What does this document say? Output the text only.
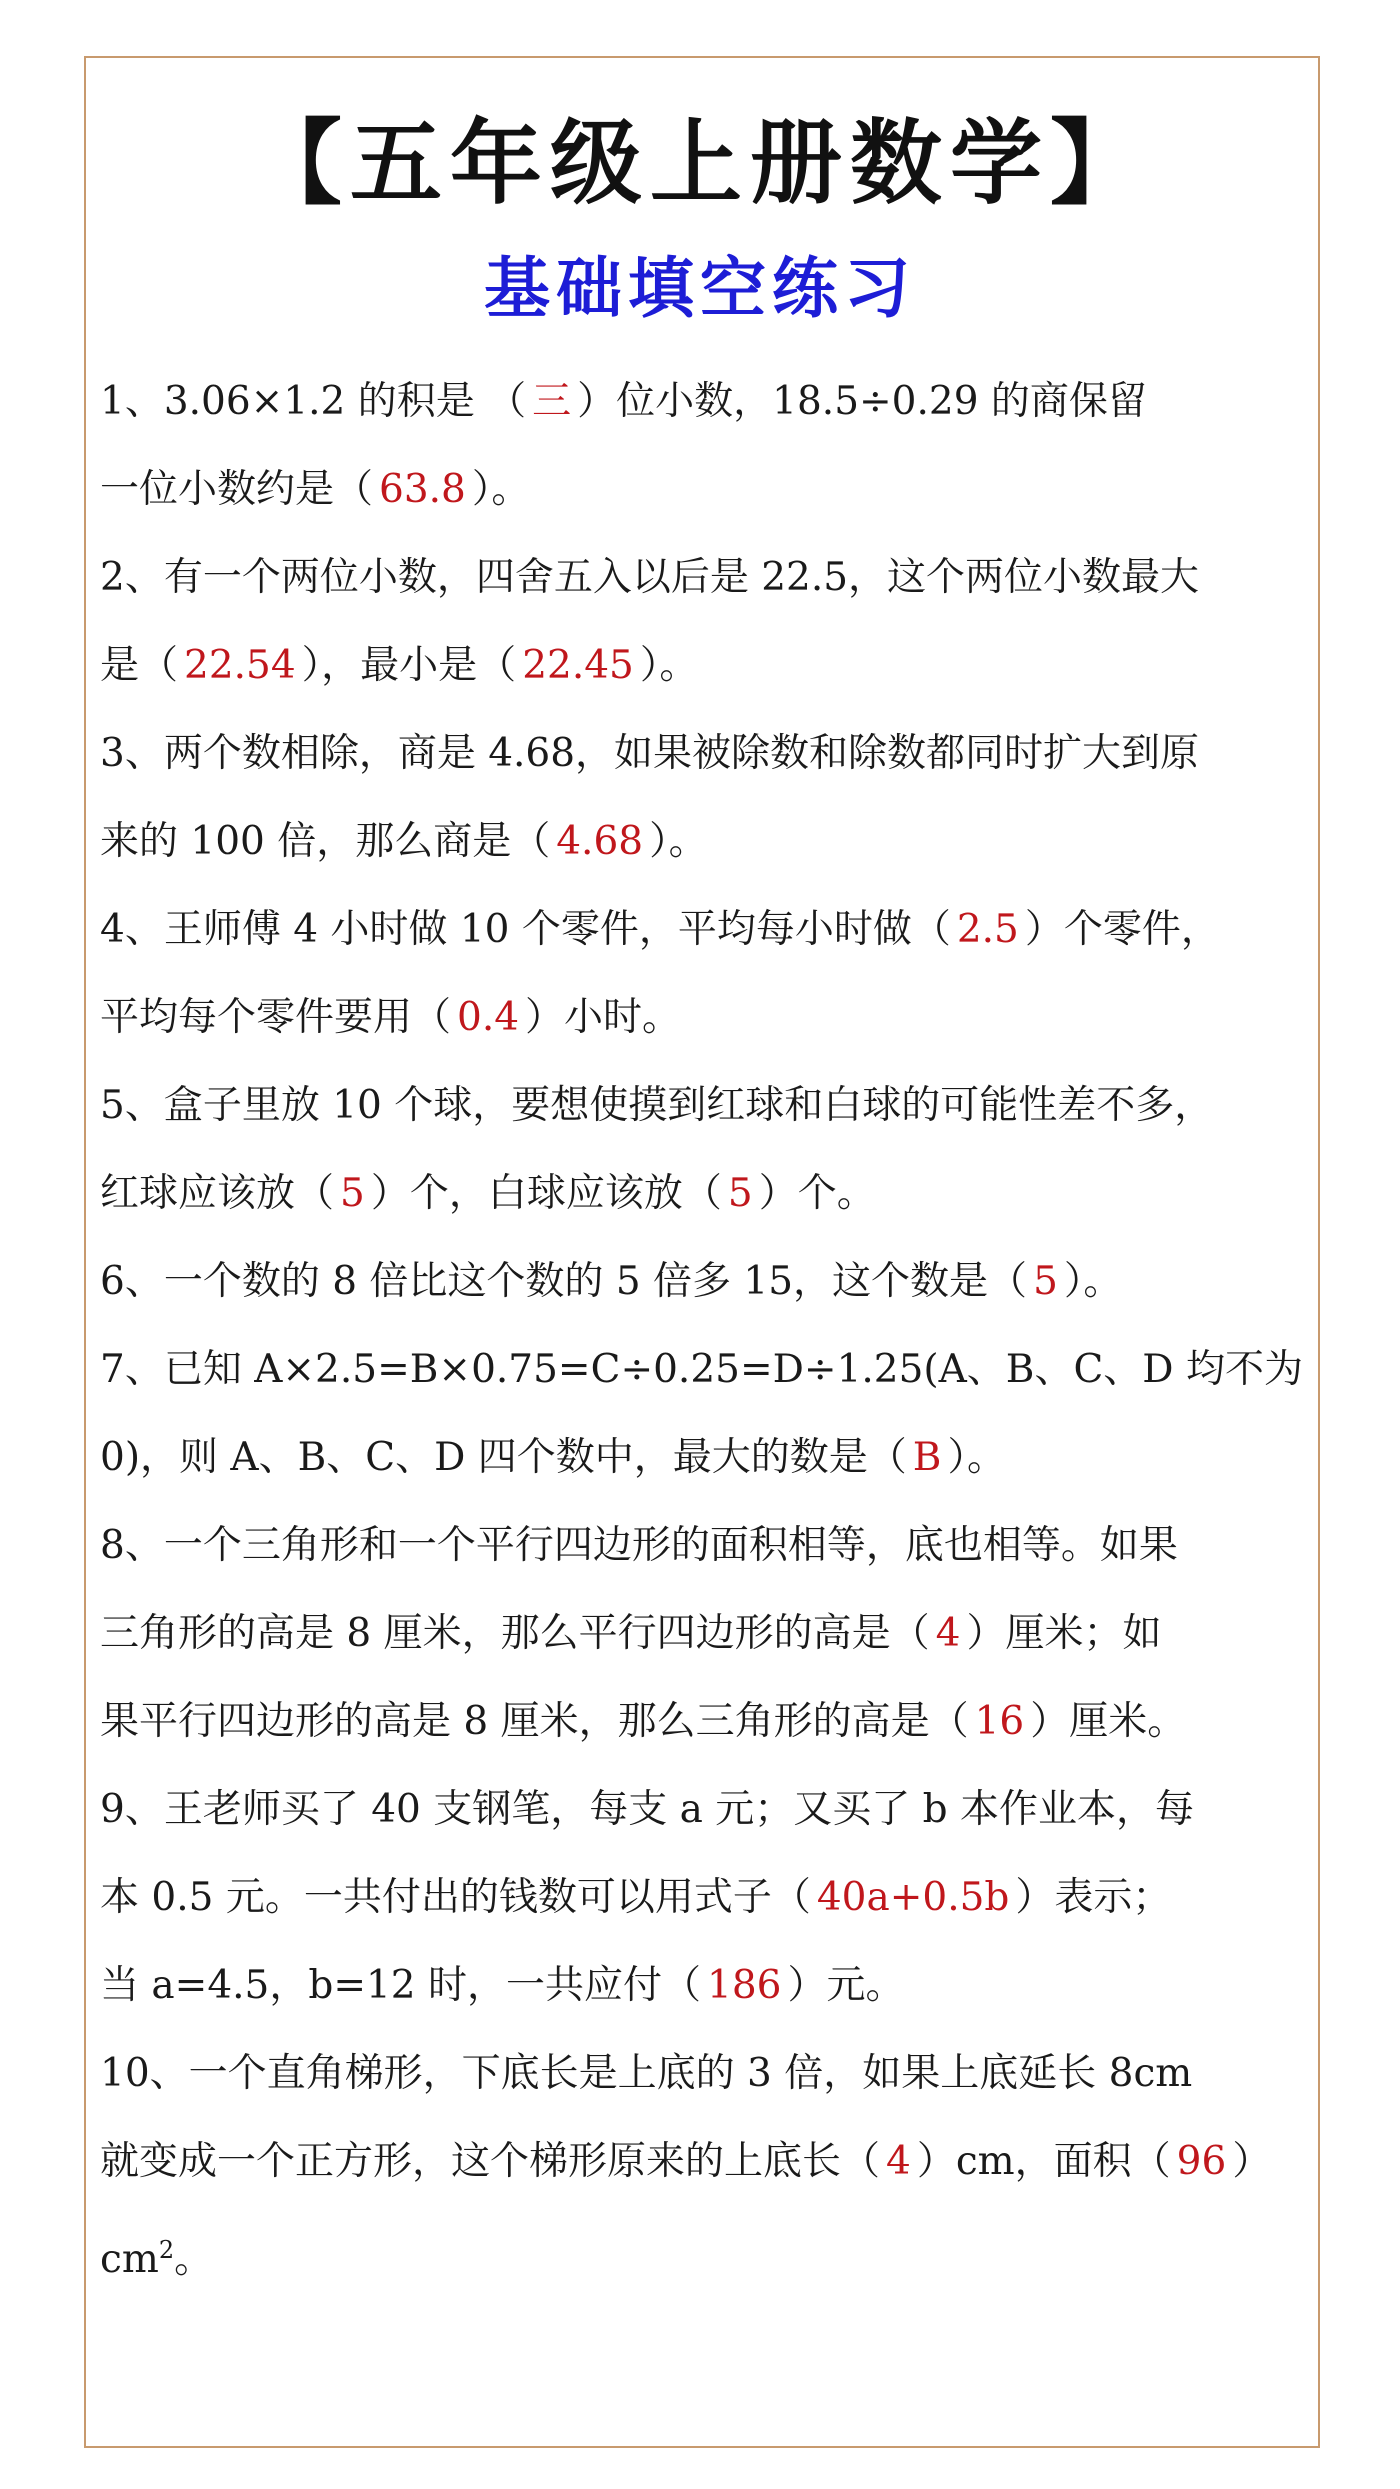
【五年级上册数学】
基础填空练习
1、3.06×1.2 的积是 （ 三 ）位小数，18.5÷0.29 的商保留
一位小数约是（ 63.8 ）。
2、有一个两位小数，四舍五入以后是 22.5，这个两位小数最大
是（ 22.54 ），最小是（ 22.45 ）。
3、两个数相除，商是 4.68，如果被除数和除数都同时扩大到原
来的 100 倍，那么商是（ 4.68 ）。
4、王师傅 4 小时做 10 个零件，平均每小时做（ 2.5 ）个零件，
平均每个零件要用（ 0.4 ）小时。
5、盒子里放 10 个球，要想使摸到红球和白球的可能性差不多，
红球应该放（ 5 ）个，白球应该放（ 5 ）个。
6、一个数的 8 倍比这个数的 5 倍多 15，这个数是（ 5 ）。
7、已知 A×2.5=B×0.75=C÷0.25=D÷1.25(A、B、C、D 均不为
0)，则 A、B、C、D 四个数中，最大的数是（ B ）。
8、一个三角形和一个平行四边形的面积相等，底也相等。如果
三角形的高是 8 厘米，那么平行四边形的高是（ 4 ）厘米；如
果平行四边形的高是 8 厘米，那么三角形的高是（ 16 ）厘米。
9、王老师买了 40 支钢笔，每支 a 元；又买了 b 本作业本，每
本 0.5 元。一共付出的钱数可以用式子（ 40a+0.5b ）表示；
当 a=4.5，b=12 时，一共应付（ 186 ）元。
10、一个直角梯形，下底长是上底的 3 倍，如果上底延长 8cm
就变成一个正方形，这个梯形原来的上底长（ 4 ）cm，面积（ 96 ）
$cm^2$。
